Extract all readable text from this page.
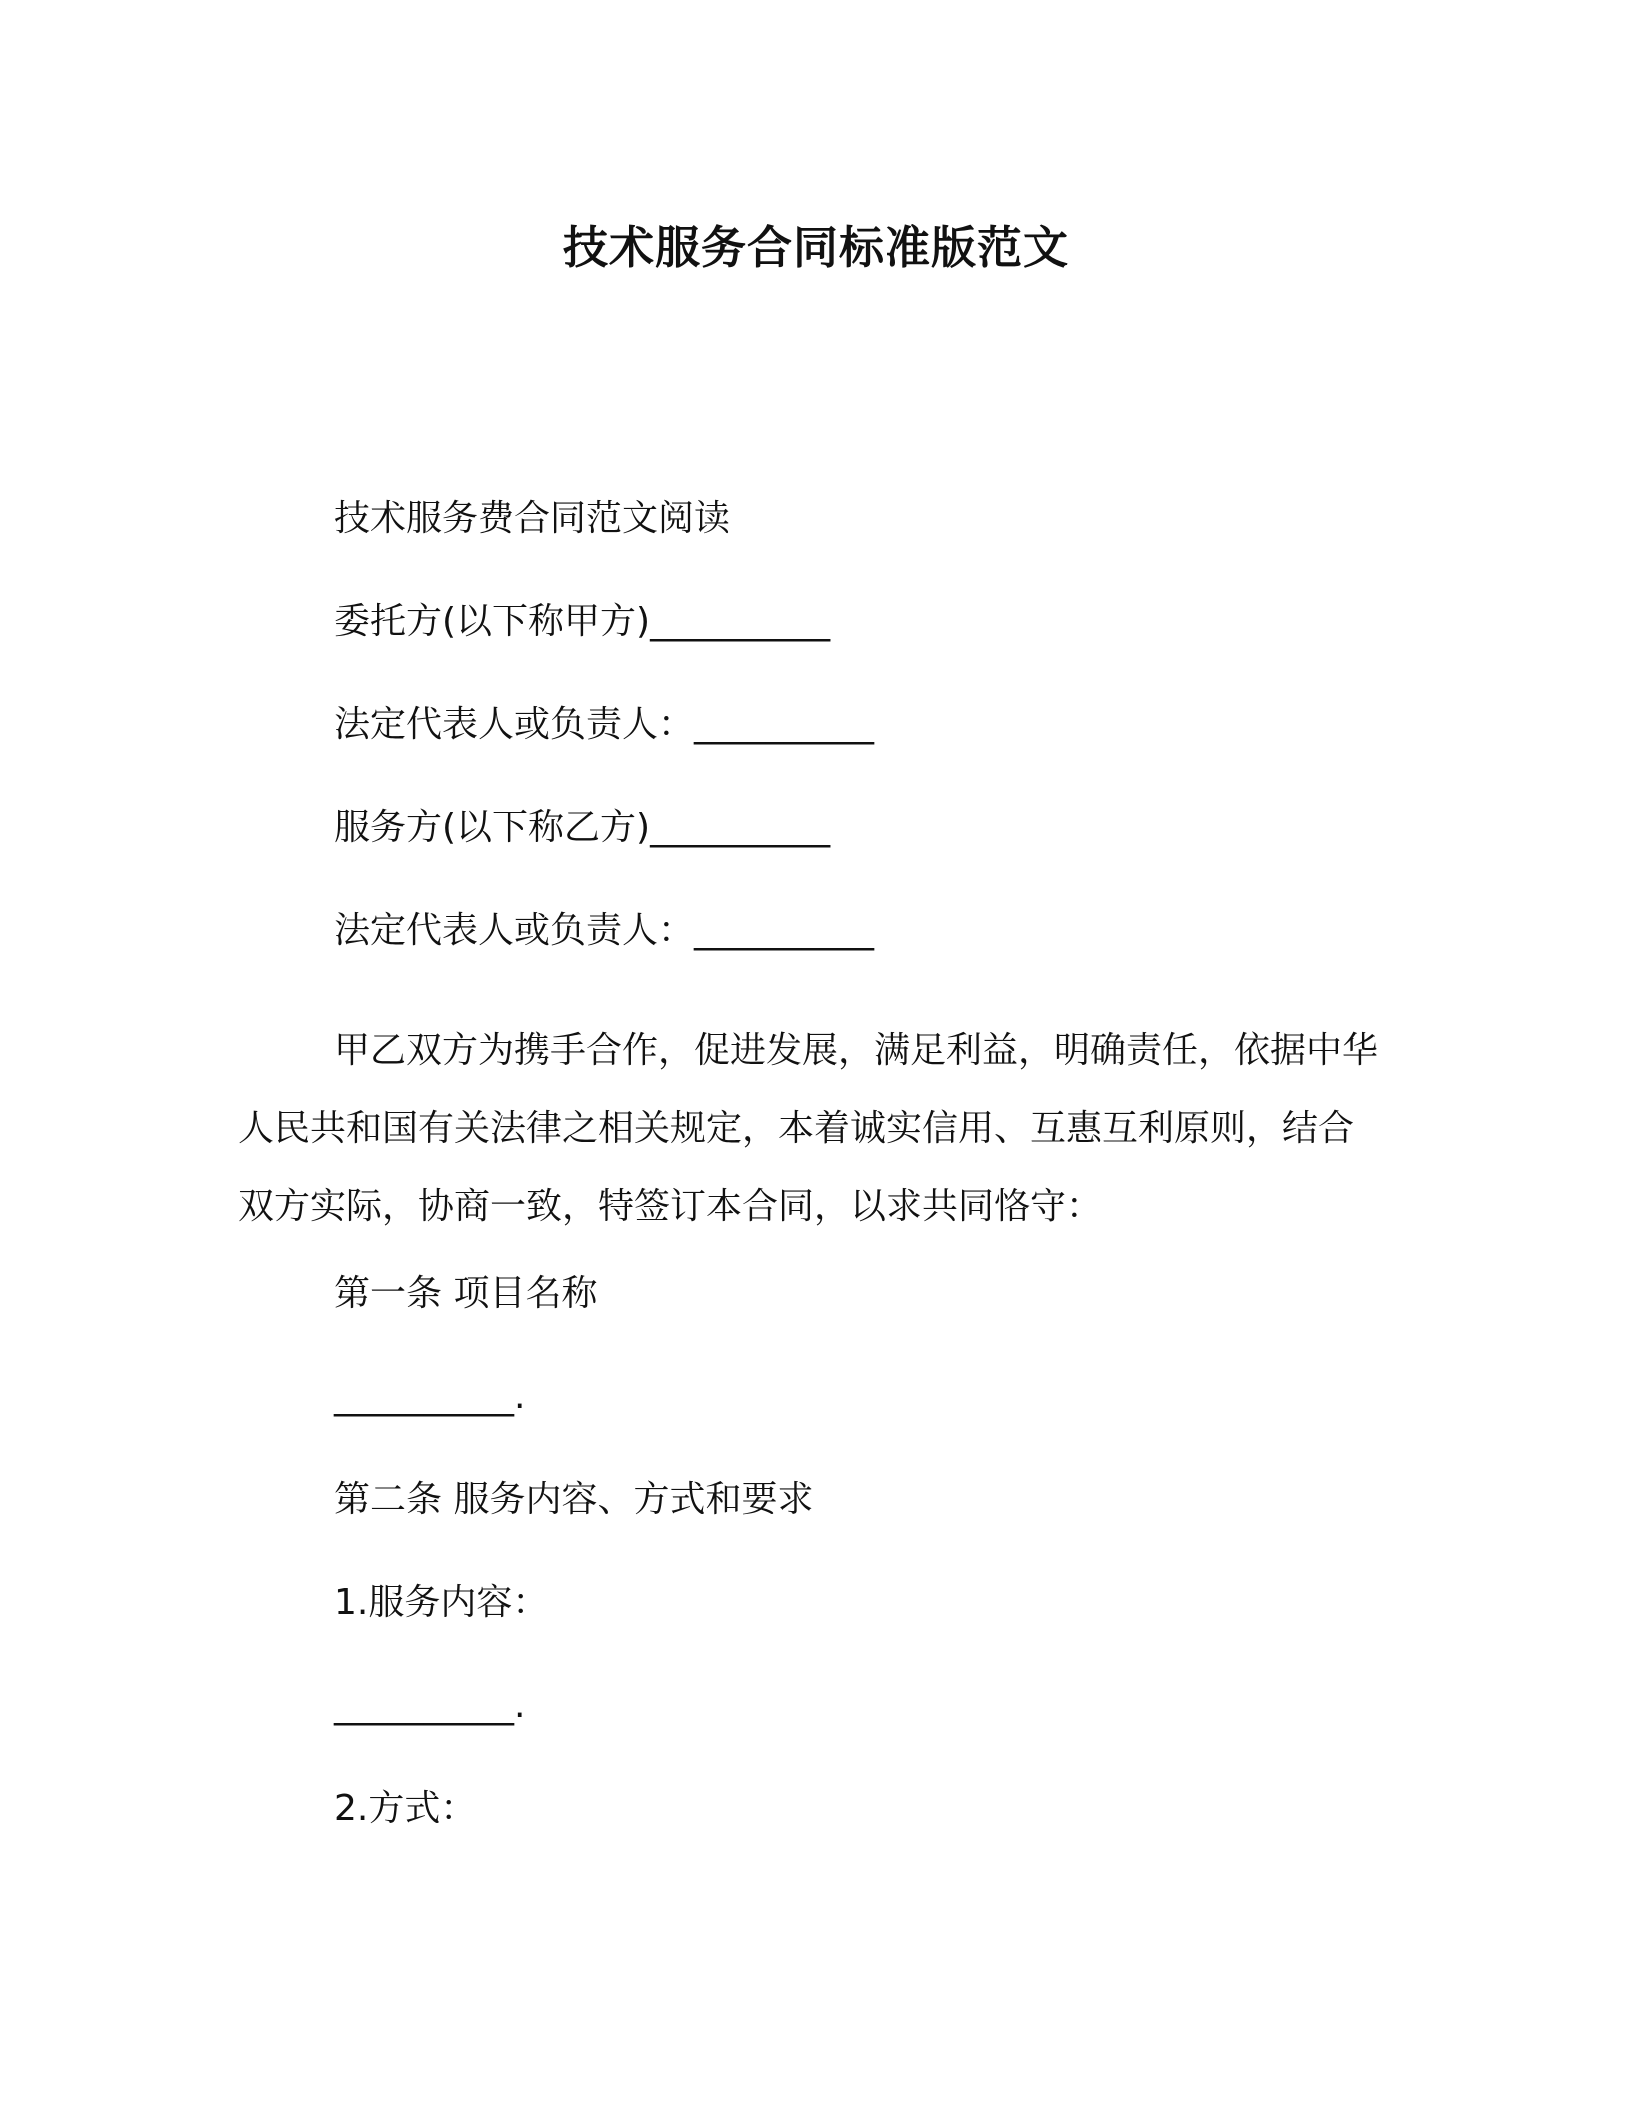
技术服务合同标准版范文
技术服务费合同范文阅读
委托方(以下称甲方)__________
法定代表人或负责人：__________
服务方(以下称乙方)__________
法定代表人或负责人：__________
甲乙双方为携手合作，促进发展，满足利益，明确责任，依据中华人民共和国有关法律之相关规定，本着诚实信用、互惠互利原则，结合双方实际，协商一致，特签订本合同，以求共同恪守：
第一条 项目名称
__________.
第二条 服务内容、方式和要求
1.服务内容：
__________.
2.方式：
